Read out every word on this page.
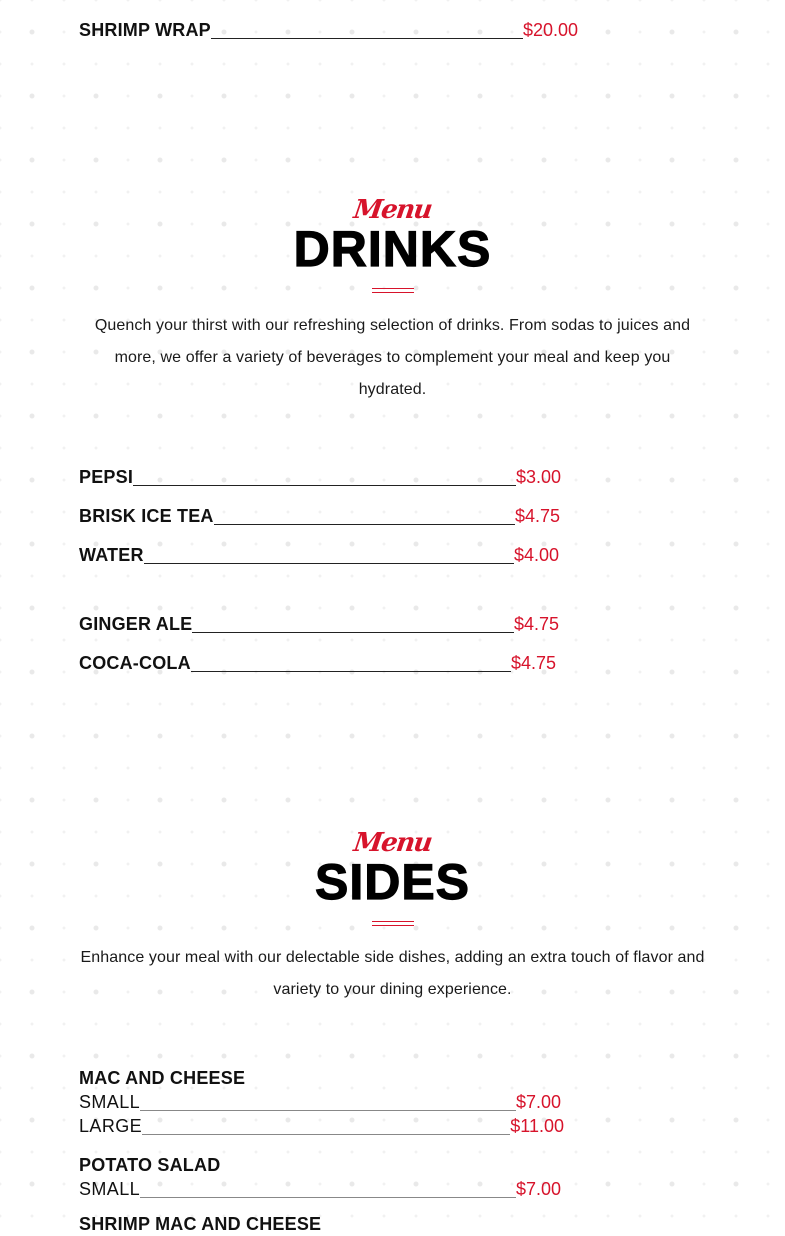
SHRIMP WRAP	$20.00
Menu
DRINKS
Quench your thirst with our refreshing selection of drinks. From sodas to juices and more, we offer a variety of beverages to complement your meal and keep you hydrated.
PEPSI	$3.00
BRISK ICE TEA	$4.75
WATER	$4.00
GINGER ALE	$4.75
COCA-COLA	$4.75
Menu
SIDES
Enhance your meal with our delectable side dishes, adding an extra touch of flavor and variety to your dining experience.
MAC AND CHEESE
SMALL	$7.00
LARGE	$11.00
POTATO SALAD
SMALL	$7.00
SHRIMP MAC AND CHEESE
